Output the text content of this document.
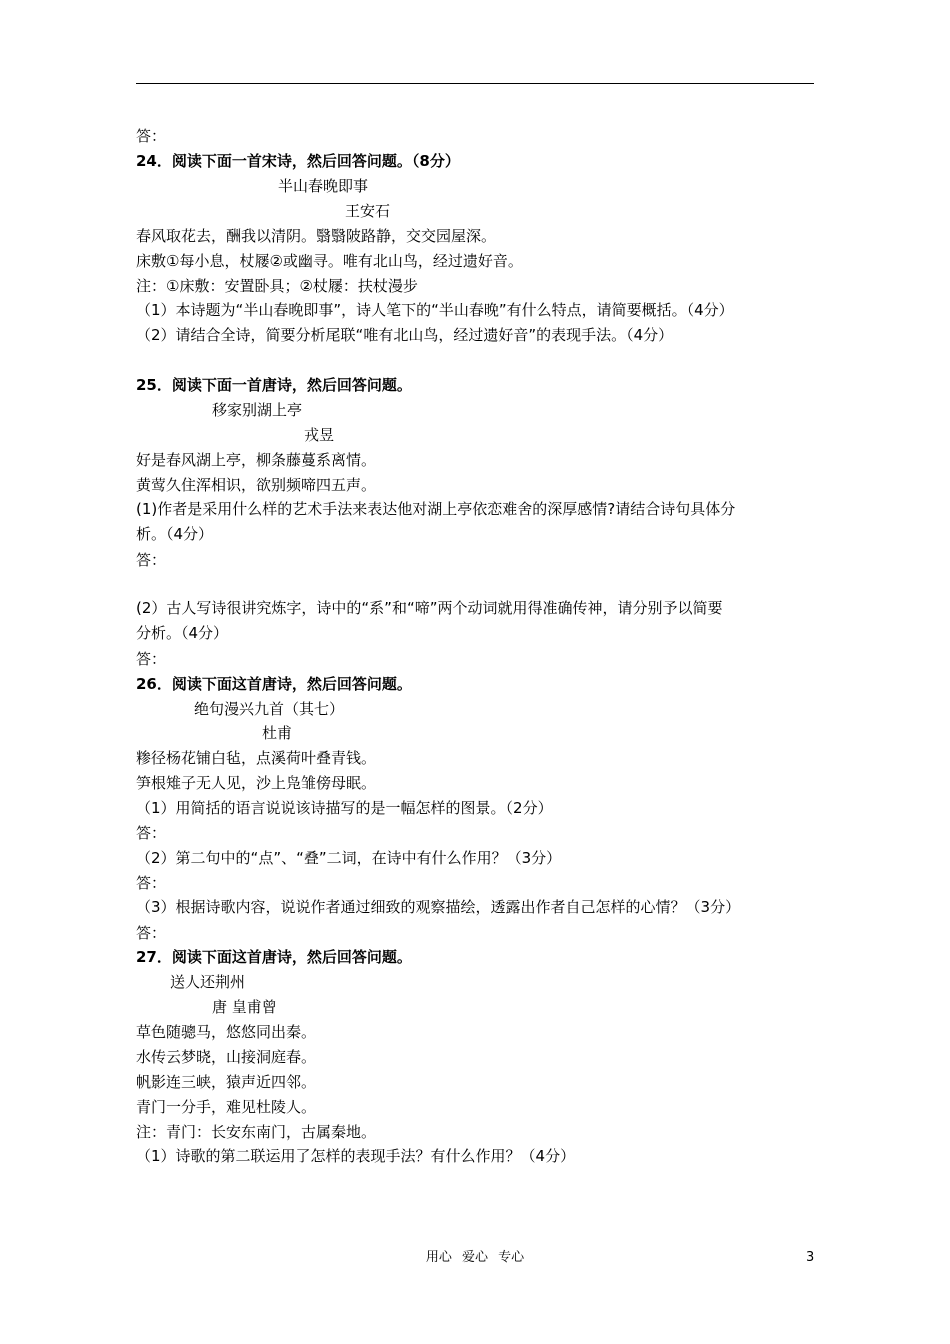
答：
24．阅读下面一首宋诗，然后回答问题。（8分）
半山春晚即事
王安石
春风取花去，酬我以清阴。翳翳陂路静，交交园屋深。
床敷①每小息，杖屦②或幽寻。唯有北山鸟，经过遗好音。
注：①床敷：安置卧具；②杖屦：扶杖漫步
（1）本诗题为“半山春晚即事”，诗人笔下的“半山春晚”有什么特点，请简要概括。（4分）
（2）请结合全诗，简要分析尾联“唯有北山鸟，经过遗好音”的表现手法。（4分）
25．阅读下面一首唐诗，然后回答问题。
移家别湖上亭
戎昱
好是春风湖上亭，柳条藤蔓系离情。
黄莺久住浑相识，欲别频啼四五声。
(1)作者是采用什么样的艺术手法来表达他对湖上亭依恋难舍的深厚感情?请结合诗句具体分
析。（4分）
答：
(2）古人写诗很讲究炼字，诗中的“系”和“啼”两个动词就用得准确传神，请分别予以简要
分析。（4分）
答：
26．阅读下面这首唐诗，然后回答问题。
绝句漫兴九首（其七）
杜甫
糁径杨花铺白毡，点溪荷叶叠青钱。
笋根雉子无人见，沙上凫雏傍母眠。
（1）用简括的语言说说该诗描写的是一幅怎样的图景。（2分）
答：
（2）第二句中的“点”、“叠”二词，在诗中有什么作用？（3分）
答：
（3）根据诗歌内容，说说作者通过细致的观察描绘，透露出作者自己怎样的心情？（3分）
答：
27．阅读下面这首唐诗，然后回答问题。
送人还荆州
唐 皇甫曾
草色随骢马，悠悠同出秦。
水传云梦晓，山接洞庭春。
帆影连三峡，猿声近四邻。
青门一分手，难见杜陵人。
注：青门：长安东南门，古属秦地。
（1）诗歌的第二联运用了怎样的表现手法？有什么作用？（4分）
用心 爱心 专心	3
